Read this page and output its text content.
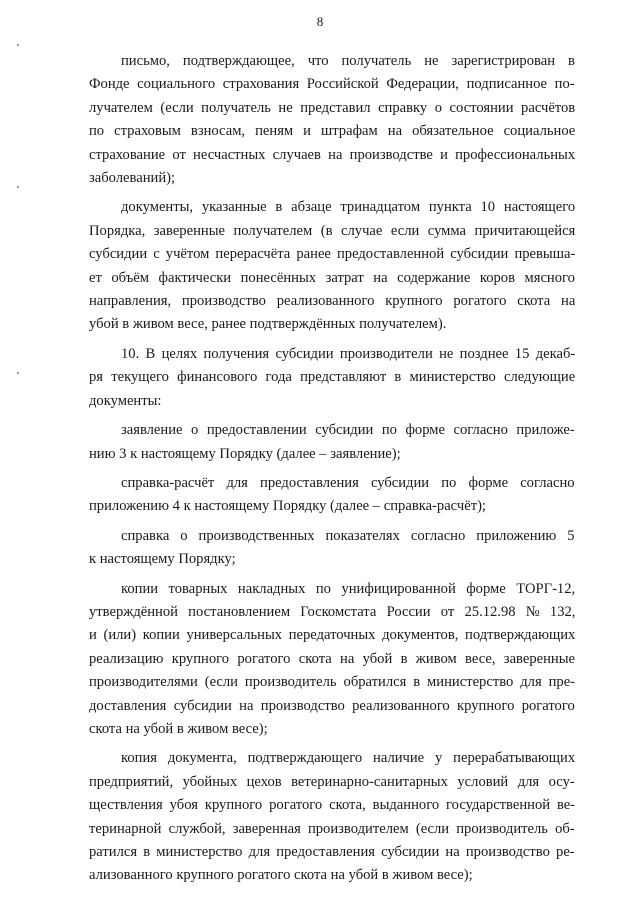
8

письмо, подтверждающее, что получатель не зарегистрирован в
Фонде социального страхования Российской Федерации, подписанное по-
лучателем (если получатель не представил справку о состоянии расчётов
по страховым взносам, пеням и штрафам на обязательное социальное
страхование от несчастных случаев на производстве и профессиональных
заболеваний);

документы, указанные в абзаце тринадцатом пункта 10 настоящего
Порядка, заверенные получателем (в случае если сумма причитающейся
субсидии с учётом перерасчёта ранее предоставленной субсидии превыша-
ет объём фактически понесённых затрат на содержание коров мясного
направления, производство реализованного крупного рогатого скота на
убой в живом весе, ранее подтверждённых получателем).

10. В целях получения субсидии производители не позднее 15 декаб-
ря текущего финансового года представляют в министерство следующие
документы:

заявление о предоставлении субсидии по форме согласно приложе-
нию 3 к настоящему Порядку (далее – заявление);

справка-расчёт для предоставления субсидии по форме согласно
приложению 4 к настоящему Порядку (далее – справка-расчёт);

справка о производственных показателях согласно приложению 5
к настоящему Порядку;

копии товарных накладных по унифицированной форме ТОРГ-12,
утверждённой постановлением Госкомстата России от 25.12.98 № 132,
и (или) копии универсальных передаточных документов, подтверждающих
реализацию крупного рогатого скота на убой в живом весе, заверенные
производителями (если производитель обратился в министерство для пре-
доставления субсидии на производство реализованного крупного рогатого
скота на убой в живом весе);

копия документа, подтверждающего наличие у перерабатывающих
предприятий, убойных цехов ветеринарно-санитарных условий для осу-
ществления убоя крупного рогатого скота, выданного государственной ве-
теринарной службой, заверенная производителем (если производитель об-
ратился в министерство для предоставления субсидии на производство ре-
ализованного крупного рогатого скота на убой в живом весе);
